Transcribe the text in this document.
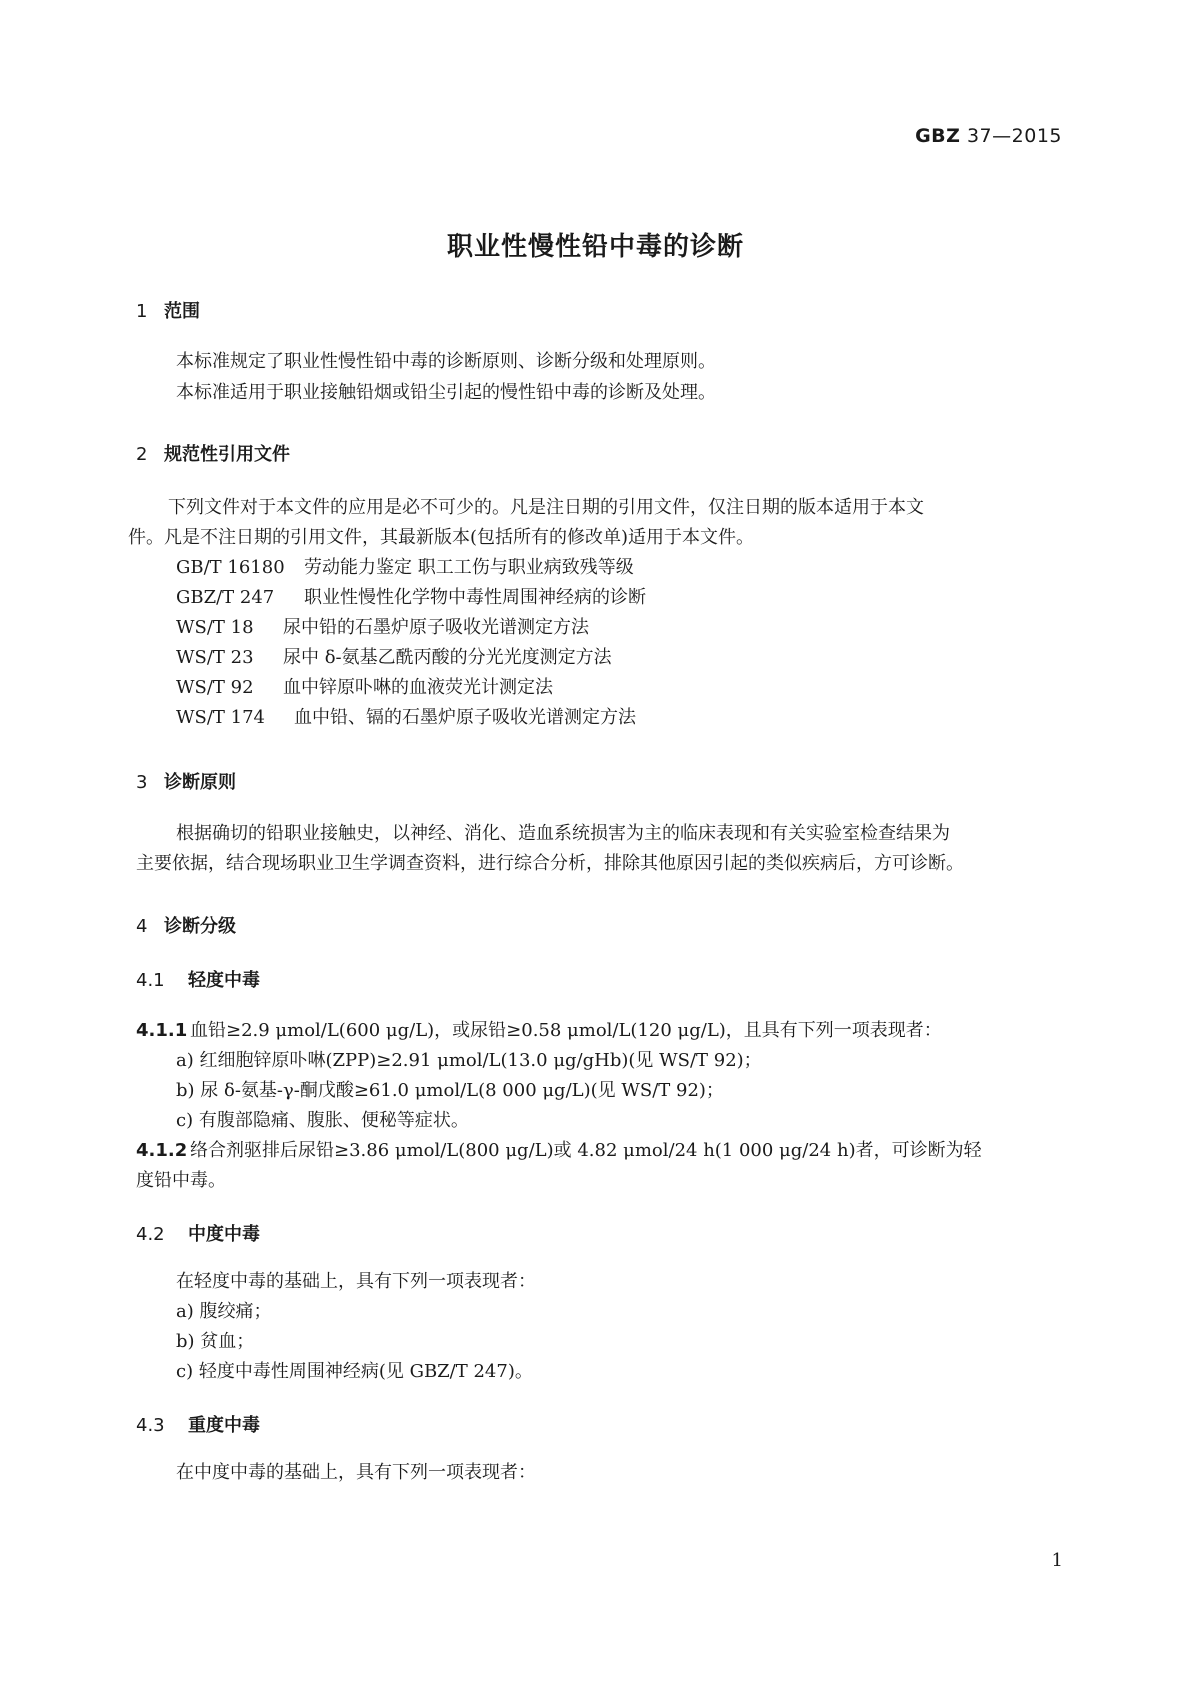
GBZ 37—2015
职业性慢性铅中毒的诊断
1 范围
本标准规定了职业性慢性铅中毒的诊断原则、诊断分级和处理原则。
本标准适用于职业接触铅烟或铅尘引起的慢性铅中毒的诊断及处理。
2 规范性引用文件
下列文件对于本文件的应用是必不可少的。凡是注日期的引用文件，仅注日期的版本适用于本文
件。凡是不注日期的引用文件，其最新版本(包括所有的修改单)适用于本文件。
GB/T 16180 劳动能力鉴定 职工工伤与职业病致残等级
GBZ/T 247 职业性慢性化学物中毒性周围神经病的诊断
WS/T 18 尿中铅的石墨炉原子吸收光谱测定方法
WS/T 23 尿中 δ-氨基乙酰丙酸的分光光度测定方法
WS/T 92 血中锌原卟啉的血液荧光计测定法
WS/T 174 血中铅、镉的石墨炉原子吸收光谱测定方法
3 诊断原则
根据确切的铅职业接触史，以神经、消化、造血系统损害为主的临床表现和有关实验室检查结果为
主要依据，结合现场职业卫生学调查资料，进行综合分析，排除其他原因引起的类似疾病后，方可诊断。
4 诊断分级
4.1 轻度中毒
4.1.1 血铅≥2.9 μmol/L(600 μg/L)，或尿铅≥0.58 μmol/L(120 μg/L)，且具有下列一项表现者：
a) 红细胞锌原卟啉(ZPP)≥2.91 μmol/L(13.0 μg/gHb)(见 WS/T 92)；
b) 尿 δ-氨基-γ-酮戊酸≥61.0 μmol/L(8 000 μg/L)(见 WS/T 92)；
c) 有腹部隐痛、腹胀、便秘等症状。
4.1.2 络合剂驱排后尿铅≥3.86 μmol/L(800 μg/L)或 4.82 μmol/24 h(1 000 μg/24 h)者，可诊断为轻
度铅中毒。
4.2 中度中毒
在轻度中毒的基础上，具有下列一项表现者：
a) 腹绞痛；
b) 贫血；
c) 轻度中毒性周围神经病(见 GBZ/T 247)。
4.3 重度中毒
在中度中毒的基础上，具有下列一项表现者：
1
